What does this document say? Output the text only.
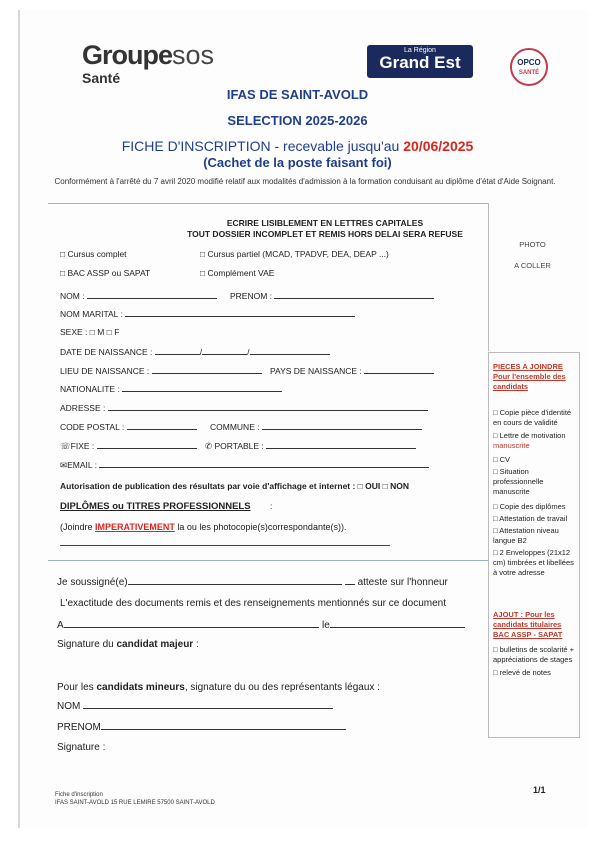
Groupesos
Santé
La Région
Grand Est	OPCO
SANTÉ
IFAS DE SAINT-AVOLD
SELECTION 2025-2026
FICHE D'INSCRIPTION - recevable jusqu'au 20/06/2025
(Cachet de la poste faisant foi)
Conformément à l'arrêté du 7 avril 2020 modifié relatif aux modalités d'admission à la formation conduisant au diplôme d'état d'Aide Soignant.
ECRIRE LISIBLEMENT EN LETTRES CAPITALES
TOUT DOSSIER INCOMPLET ET REMIS HORS DELAI SERA REFUSE
PHOTO
A COLLER
□ Cursus complet	□ Cursus partiel (MCAD, TPADVF, DEA, DEAP ...)
□ BAC ASSP ou SAPAT	□ Complément VAE
NOM :	PRENOM :
NOM MARITAL :
SEXE : □ M □ F
DATE DE NAISSANCE :	/	/
LIEU DE NAISSANCE :	PAYS DE NAISSANCE :
NATIONALITE :
ADRESSE :
CODE POSTAL :	COMMUNE :
☏FIXE :	✆ PORTABLE :
✉EMAIL :
Autorisation de publication des résultats par voie d'affichage et internet : □ OUI □ NON
DIPLÔMES ou TITRES PROFESSIONNELS :
(Joindre IMPERATIVEMENT la ou les photocopie(s)correspondante(s)).
Je soussigné(e)	atteste sur l'honneur
L'exactitude des documents remis et des renseignements mentionnés sur ce document
A	le
Signature du candidat majeur :
Pour les candidats mineurs, signature du ou des représentants légaux :
NOM
PRENOM
Signature :
PIECES A JOINDRE
Pour l'ensemble des candidats
□ Copie pièce d'identité en cours de validité
□ Lettre de motivation
manuscrite
□ CV
□ Situation professionnelle manuscrite
□ Copie des diplômes
□ Attestation de travail
□ Attestation niveau langue B2
□ 2 Enveloppes (21x12 cm) timbrées et libellées à votre adresse
AJOUT : Pour les candidats titulaires BAC ASSP - SAPAT
□ bulletins de scolarité + appréciations de stages
□ relevé de notes
Fiche d'inscription
IFAS SAINT-AVOLD 15 RUE LEMIRE 57500 SAINT-AVOLD
1/1
